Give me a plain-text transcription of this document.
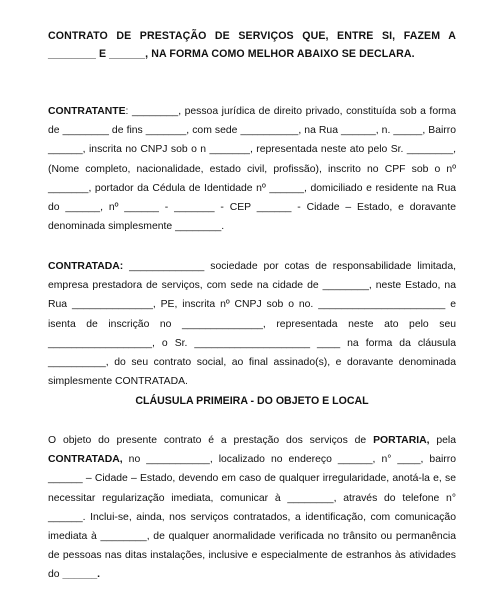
CONTRATO DE PRESTAÇÃO DE SERVIÇOS QUE, ENTRE SI, FAZEM A ________ E ______, NA FORMA COMO MELHOR ABAIXO SE DECLARA.
CONTRATANTE: ________, pessoa jurídica de direito privado, constituída sob a forma de ________ de fins _______, com sede __________, na Rua ______, n. _____, Bairro ______, inscrita no CNPJ sob o n _______, representada neste ato pelo Sr. ________, (Nome completo, nacionalidade, estado civil, profissão), inscrito no CPF sob o nº _______, portador da Cédula de Identidade nº ______, domiciliado e residente na Rua do ______, nº ______ - _______ - CEP ______ - Cidade – Estado, e doravante denominada simplesmente ________.
CONTRATADA: _____________ sociedade por cotas de responsabilidade limitada, empresa prestadora de serviços, com sede na cidade de ________, neste Estado, na Rua ______________, PE, inscrita nº CNPJ sob o no. ______________________ e isenta de inscrição no ______________, representada neste ato pelo seu __________________, o Sr. ____________________ ____ na forma da cláusula __________, do seu contrato social, ao final assinado(s), e doravante denominada simplesmente CONTRATADA.
CLÁUSULA PRIMEIRA - DO OBJETO E LOCAL
O objeto do presente contrato é a prestação dos serviços de PORTARIA, pela CONTRATADA, no ___________, localizado no endereço ______, n° ____, bairro ______ – Cidade – Estado, devendo em caso de qualquer irregularidade, anotá-la e, se necessitar regularização imediata, comunicar à ________, através do telefone n° ______. Inclui-se, ainda, nos serviços contratados, a identificação, com comunicação imediata à ________, de qualquer anormalidade verificada no trânsito ou permanência de pessoas nas ditas instalações, inclusive e especialmente de estranhos às atividades do ______.
